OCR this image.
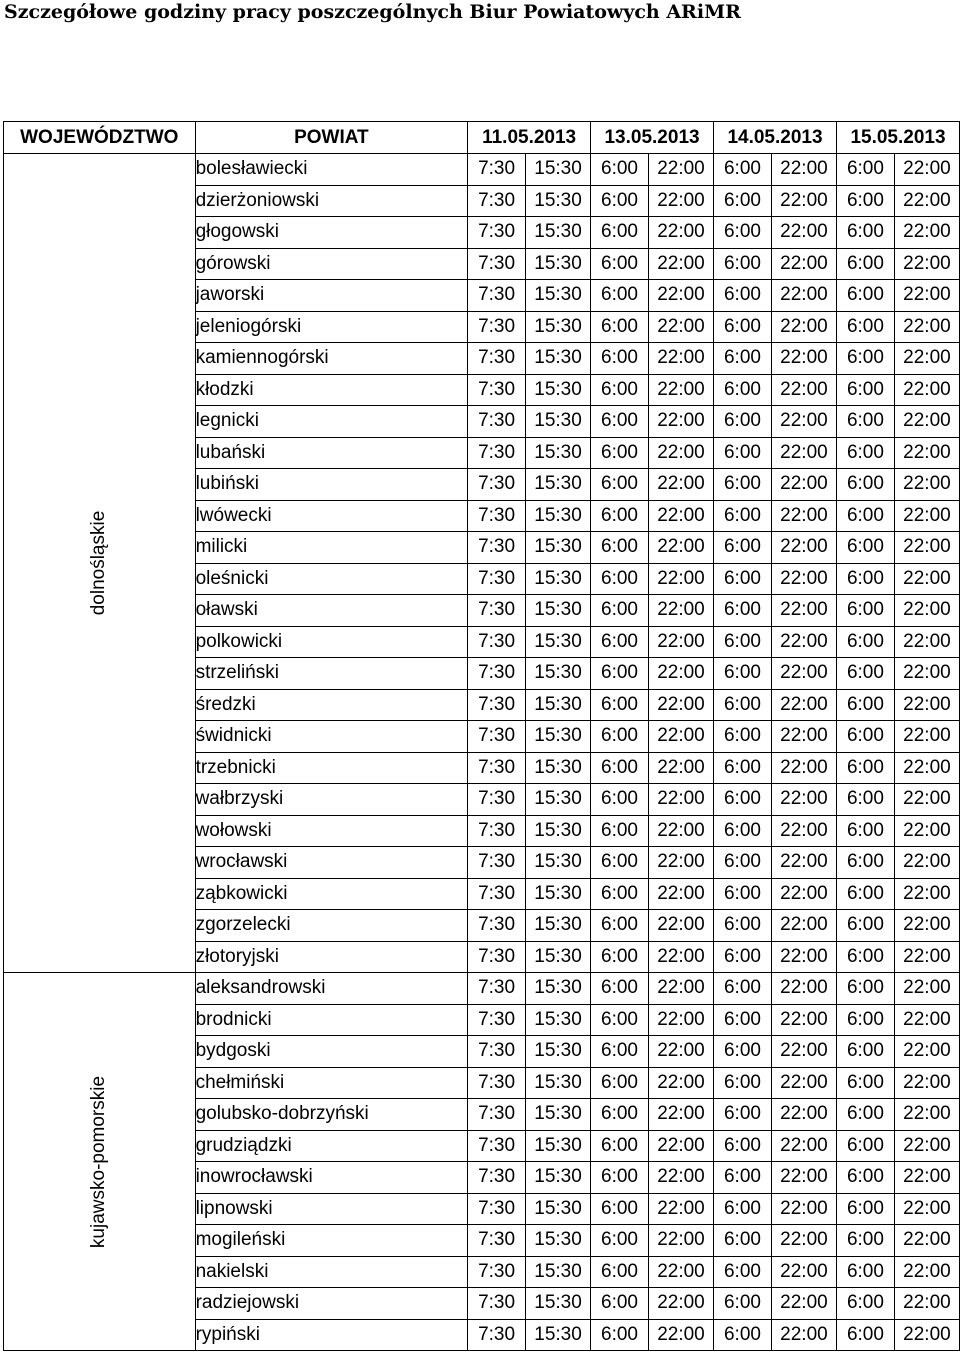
Szczegółowe godziny pracy poszczególnych Biur Powiatowych ARiMR
WOJEWÓDZTWO	POWIAT	11.05.2013		13.05.2013		14.05.2013		15.05.2013	

dolnośląskie	bolesławiecki	7:30	15:30	6:00	22:00	6:00	22:00	6:00	22:00
	dzierżoniowski	7:30	15:30	6:00	22:00	6:00	22:00	6:00	22:00
	głogowski	7:30	15:30	6:00	22:00	6:00	22:00	6:00	22:00
	górowski	7:30	15:30	6:00	22:00	6:00	22:00	6:00	22:00
	jaworski	7:30	15:30	6:00	22:00	6:00	22:00	6:00	22:00
	jeleniogórski	7:30	15:30	6:00	22:00	6:00	22:00	6:00	22:00
	kamiennogórski	7:30	15:30	6:00	22:00	6:00	22:00	6:00	22:00
	kłodzki	7:30	15:30	6:00	22:00	6:00	22:00	6:00	22:00
	legnicki	7:30	15:30	6:00	22:00	6:00	22:00	6:00	22:00
	lubański	7:30	15:30	6:00	22:00	6:00	22:00	6:00	22:00
	lubiński	7:30	15:30	6:00	22:00	6:00	22:00	6:00	22:00
	lwówecki	7:30	15:30	6:00	22:00	6:00	22:00	6:00	22:00
	milicki	7:30	15:30	6:00	22:00	6:00	22:00	6:00	22:00
	oleśnicki	7:30	15:30	6:00	22:00	6:00	22:00	6:00	22:00
	oławski	7:30	15:30	6:00	22:00	6:00	22:00	6:00	22:00
	polkowicki	7:30	15:30	6:00	22:00	6:00	22:00	6:00	22:00
	strzeliński	7:30	15:30	6:00	22:00	6:00	22:00	6:00	22:00
	średzki	7:30	15:30	6:00	22:00	6:00	22:00	6:00	22:00
	świdnicki	7:30	15:30	6:00	22:00	6:00	22:00	6:00	22:00
	trzebnicki	7:30	15:30	6:00	22:00	6:00	22:00	6:00	22:00
	wałbrzyski	7:30	15:30	6:00	22:00	6:00	22:00	6:00	22:00
	wołowski	7:30	15:30	6:00	22:00	6:00	22:00	6:00	22:00
	wrocławski	7:30	15:30	6:00	22:00	6:00	22:00	6:00	22:00
	ząbkowicki	7:30	15:30	6:00	22:00	6:00	22:00	6:00	22:00
	zgorzelecki	7:30	15:30	6:00	22:00	6:00	22:00	6:00	22:00
	złotoryjski	7:30	15:30	6:00	22:00	6:00	22:00	6:00	22:00

kujawsko-pomorskie	aleksandrowski	7:30	15:30	6:00	22:00	6:00	22:00	6:00	22:00
	brodnicki	7:30	15:30	6:00	22:00	6:00	22:00	6:00	22:00
	bydgoski	7:30	15:30	6:00	22:00	6:00	22:00	6:00	22:00
	chełmiński	7:30	15:30	6:00	22:00	6:00	22:00	6:00	22:00
	golubsko-dobrzyński	7:30	15:30	6:00	22:00	6:00	22:00	6:00	22:00
	grudziądzki	7:30	15:30	6:00	22:00	6:00	22:00	6:00	22:00
	inowrocławski	7:30	15:30	6:00	22:00	6:00	22:00	6:00	22:00
	lipnowski	7:30	15:30	6:00	22:00	6:00	22:00	6:00	22:00
	mogileński	7:30	15:30	6:00	22:00	6:00	22:00	6:00	22:00
	nakielski	7:30	15:30	6:00	22:00	6:00	22:00	6:00	22:00
	radziejowski	7:30	15:30	6:00	22:00	6:00	22:00	6:00	22:00
	rypiński	7:30	15:30	6:00	22:00	6:00	22:00	6:00	22:00
